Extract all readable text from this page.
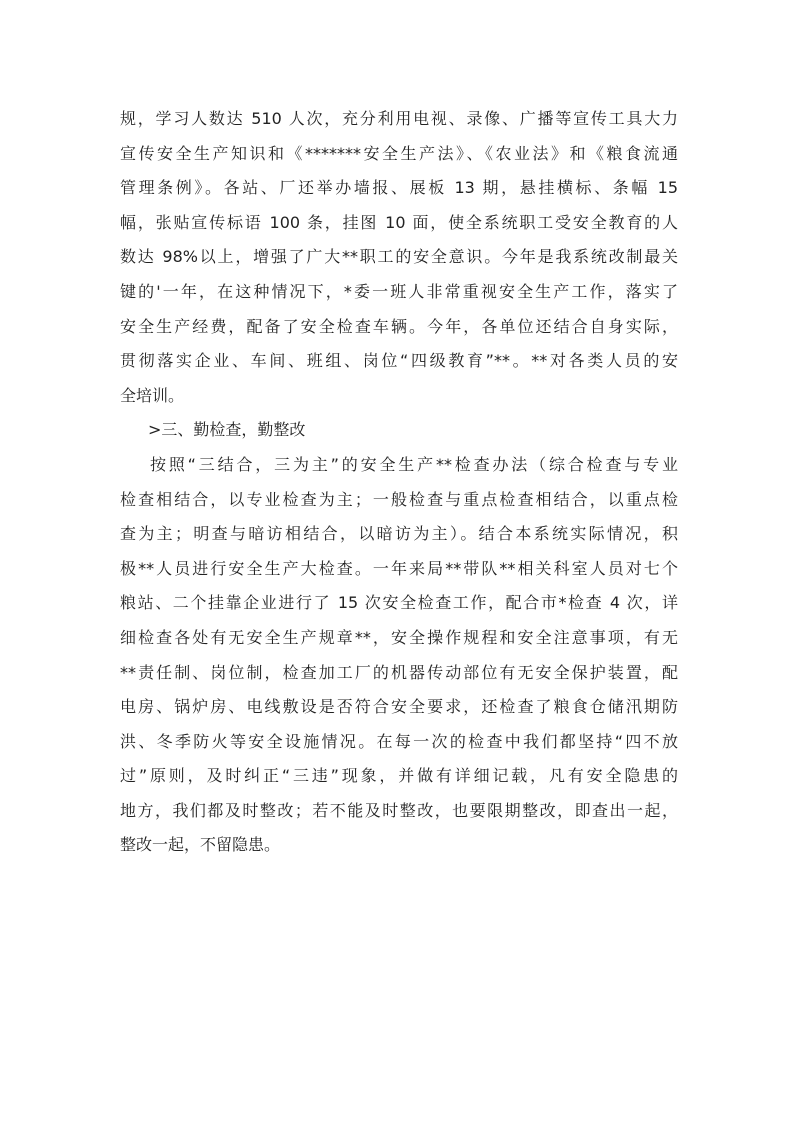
规，学习人数达 510 人次，充分利用电视、录像、广播等宣传工具大力
宣传安全生产知识和《*******安全生产法》、《农业法》和《粮食流通
管理条例》。各站、厂还举办墙报、展板 13 期，悬挂横标、条幅 15
幅，张贴宣传标语 100 条，挂图 10 面，使全系统职工受安全教育的人
数达 98%以上，增强了广大**职工的安全意识。今年是我系统改制最关
键的'一年，在这种情况下，*委一班人非常重视安全生产工作，落实了
安全生产经费，配备了安全检查车辆。今年，各单位还结合自身实际，
贯彻落实企业、车间、班组、岗位“四级教育”**。**对各类人员的安
全培训。
>三、勤检查，勤整改
按照“三结合，三为主”的安全生产**检查办法（综合检查与专业
检查相结合，以专业检查为主；一般检查与重点检查相结合，以重点检
查为主；明查与暗访相结合，以暗访为主）。结合本系统实际情况，积
极**人员进行安全生产大检查。一年来局**带队**相关科室人员对七个
粮站、二个挂靠企业进行了 15 次安全检查工作，配合市*检查 4 次，详
细检查各处有无安全生产规章**，安全操作规程和安全注意事项，有无
**责任制、岗位制，检查加工厂的机器传动部位有无安全保护装置，配
电房、锅炉房、电线敷设是否符合安全要求，还检查了粮食仓储汛期防
洪、冬季防火等安全设施情况。在每一次的检查中我们都坚持“四不放
过”原则，及时纠正“三违”现象，并做有详细记载，凡有安全隐患的
地方，我们都及时整改；若不能及时整改，也要限期整改，即查出一起，
整改一起，不留隐患。
